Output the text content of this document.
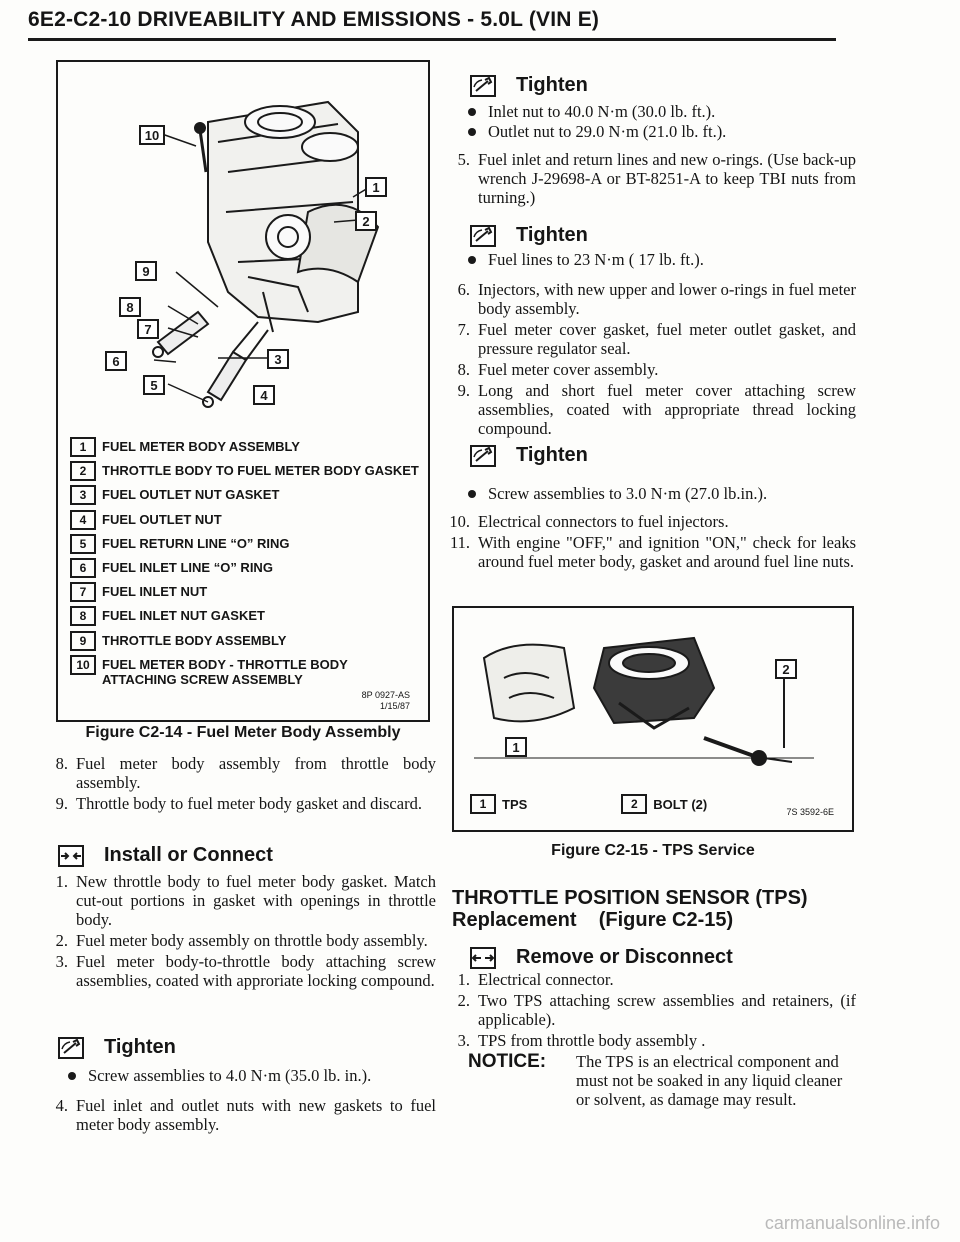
6E2-C2-10 DRIVEABILITY AND EMISSIONS - 5.0L (VIN E)
10
1
9
2
8
7
6	3
5
4
1	FUEL METER BODY ASSEMBLY
2	THROTTLE BODY TO FUEL METER BODY GASKET
3	FUEL OUTLET NUT GASKET
4	FUEL OUTLET NUT
5	FUEL RETURN LINE “O” RING
6	FUEL INLET LINE “O” RING
7	FUEL INLET NUT
8	FUEL INLET NUT GASKET
9	THROTTLE BODY ASSEMBLY
10 FUEL METER BODY - THROTTLE BODY ATTACHING SCREW ASSEMBLY
8P 0927-AS
1/15/87
Figure C2-14 - Fuel Meter Body Assembly
8. Fuel meter body assembly from throttle body assembly.
9. Throttle body to fuel meter body gasket and discard.
Install or Connect
1. New throttle body to fuel meter body gasket. Match cut-out portions in gasket with openings in throttle body.
2. Fuel meter body assembly on throttle body assembly.
3. Fuel meter body-to-throttle body attaching screw assemblies, coated with approriate locking compound.
Tighten
Screw assemblies to 4.0 N·m (35.0 lb. in.).
4. Fuel inlet and outlet nuts with new gaskets to fuel meter body assembly.
Tighten
Inlet nut to 40.0 N·m (30.0 lb. ft.).
Outlet nut to 29.0 N·m (21.0 lb. ft.).
5. Fuel inlet and return lines and new o-rings. (Use back-up wrench J-29698-A or BT-8251-A to keep TBI nuts from turning.)
Tighten
Fuel lines to 23 N·m ( 17 lb. ft.).
6. Injectors, with new upper and lower o-rings in fuel meter body assembly.
7. Fuel meter cover gasket, fuel meter outlet gasket, and pressure regulator seal.
8. Fuel meter cover assembly.
9. Long and short fuel meter cover attaching screw assemblies, coated with appropriate thread locking compound.
Tighten
Screw assemblies to 3.0 N·m (27.0 lb.in.).
10. Electrical connectors to fuel injectors.
11. With engine "OFF," and ignition "ON," check for leaks around fuel meter body, gasket and around fuel line nuts.
2
1
1	TPS	2	BOLT (2)
7S 3592-6E
Figure C2-15 - TPS Service
THROTTLE POSITION SENSOR (TPS)
Replacement    (Figure C2-15)
Remove or Disconnect
1. Electrical connector.
2. Two TPS attaching screw assemblies and retainers, (if applicable).
3. TPS from throttle body assembly .
NOTICE: The TPS is an electrical component and must not be soaked in any liquid cleaner or solvent, as damage may result.
carmanualsonline.info
